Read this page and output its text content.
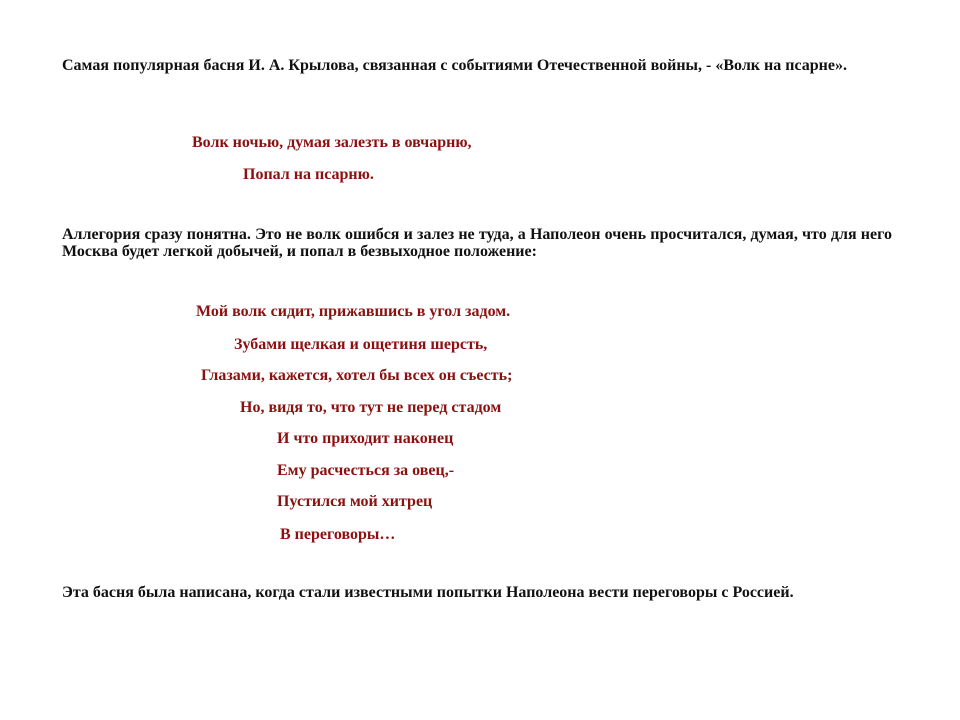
Самая популярная басня И. А. Крылова, связанная с событиями Отечественной войны, - «Волк на псарне».

Волк ночью, думая залезть в овчарню,
Попал на псарню.

Аллегория сразу понятна. Это не волк ошибся и залез не туда, а Наполеон очень просчитался, думая, что для него Москва будет легкой добычей, и попал в безвыходное положение:

Мой волк сидит, прижавшись в угол задом.
Зубами щелкая и ощетиня шерсть,
Глазами, кажется, хотел бы всех он съесть;
Но, видя то, что тут не перед стадом
И что приходит наконец
Ему расчесться за овец,-
Пустился мой хитрец
В переговоры…

Эта басня была написана, когда стали известными попытки Наполеона вести переговоры с Россией.
